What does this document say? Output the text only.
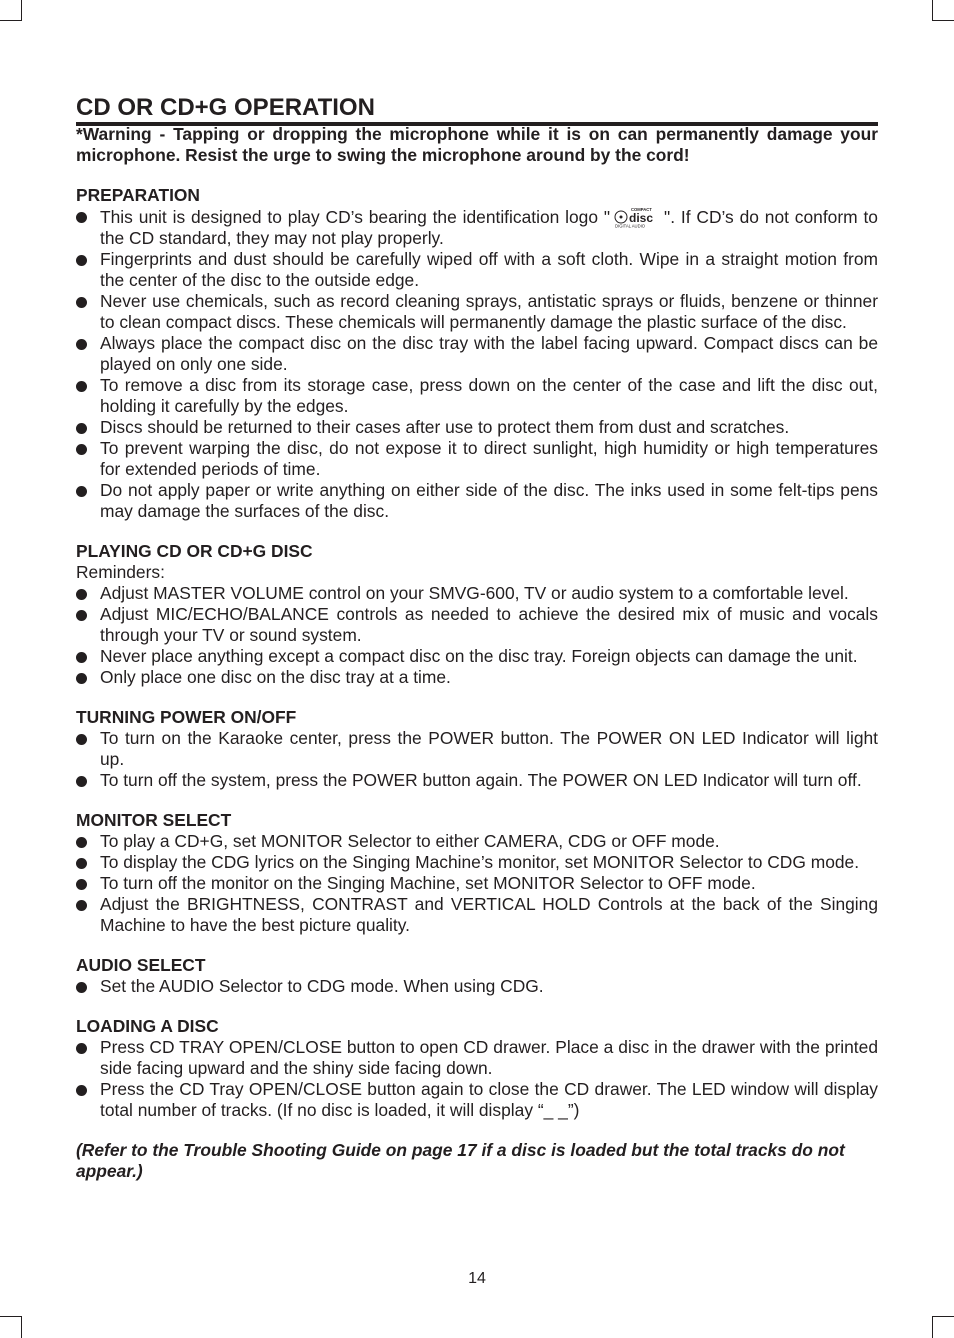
CD OR CD+G OPERATION

*Warning - Tapping or dropping the microphone while it is on can permanently damage your microphone. Resist the urge to swing the microphone around by the cord!

PREPARATION

This unit is designed to play CD’s bearing the identification logo "	COMPACT
disc
DIGITAL AUDIO ". If CD’s do not conform to the CD standard, they may not play properly.
Fingerprints and dust should be carefully wiped off with a soft cloth. Wipe in a straight motion from the center of the disc to the outside edge.
Never use chemicals, such as record cleaning sprays, antistatic sprays or fluids, benzene or thinner to clean compact discs. These chemicals will permanently damage the plastic surface of the disc.
Always place the compact disc on the disc tray with the label facing upward. Compact discs can be played on only one side.
To remove a disc from its storage case, press down on the center of the case and lift the disc out, holding it carefully by the edges.
Discs should be returned to their cases after use to protect them from dust and scratches.
To prevent warping the disc, do not expose it to direct sunlight, high humidity or high temperatures for extended periods of time.
Do not apply paper or write anything on either side of the disc. The inks used in some felt-tips pens may damage the surfaces of the disc.

PLAYING CD OR CD+G DISC

Reminders:

Adjust MASTER VOLUME control on your SMVG-600, TV or audio system to a comfortable level.
Adjust MIC/ECHO/BALANCE controls as needed to achieve the desired mix of music and vocals through your TV or sound system.
Never place anything except a compact disc on the disc tray. Foreign objects can damage the unit.
Only place one disc on the disc tray at a time.

TURNING POWER ON/OFF

To turn on the Karaoke center, press the POWER button. The POWER ON LED Indicator will light up.
To turn off the system, press the POWER button again. The POWER ON LED Indicator will turn off.

MONITOR SELECT

To play a CD+G, set MONITOR Selector to either CAMERA, CDG or OFF mode.
To display the CDG lyrics on the Singing Machine’s monitor, set MONITOR Selector to CDG mode.
To turn off the monitor on the Singing Machine, set MONITOR Selector to OFF mode.
Adjust the BRIGHTNESS, CONTRAST and VERTICAL HOLD Controls at the back of the Singing Machine to have the best picture quality.

AUDIO SELECT

Set the AUDIO Selector to CDG mode. When using CDG.

LOADING A DISC

Press CD TRAY OPEN/CLOSE button to open CD drawer. Place a disc in the drawer with the printed side facing upward and the shiny side facing down.
Press the CD Tray OPEN/CLOSE button again to close the CD drawer. The LED window will display total number of tracks. (If no disc is loaded, it will display “_ _”)

(Refer to the Trouble Shooting Guide on page 17 if a disc is loaded but the total tracks do not appear.)

14
